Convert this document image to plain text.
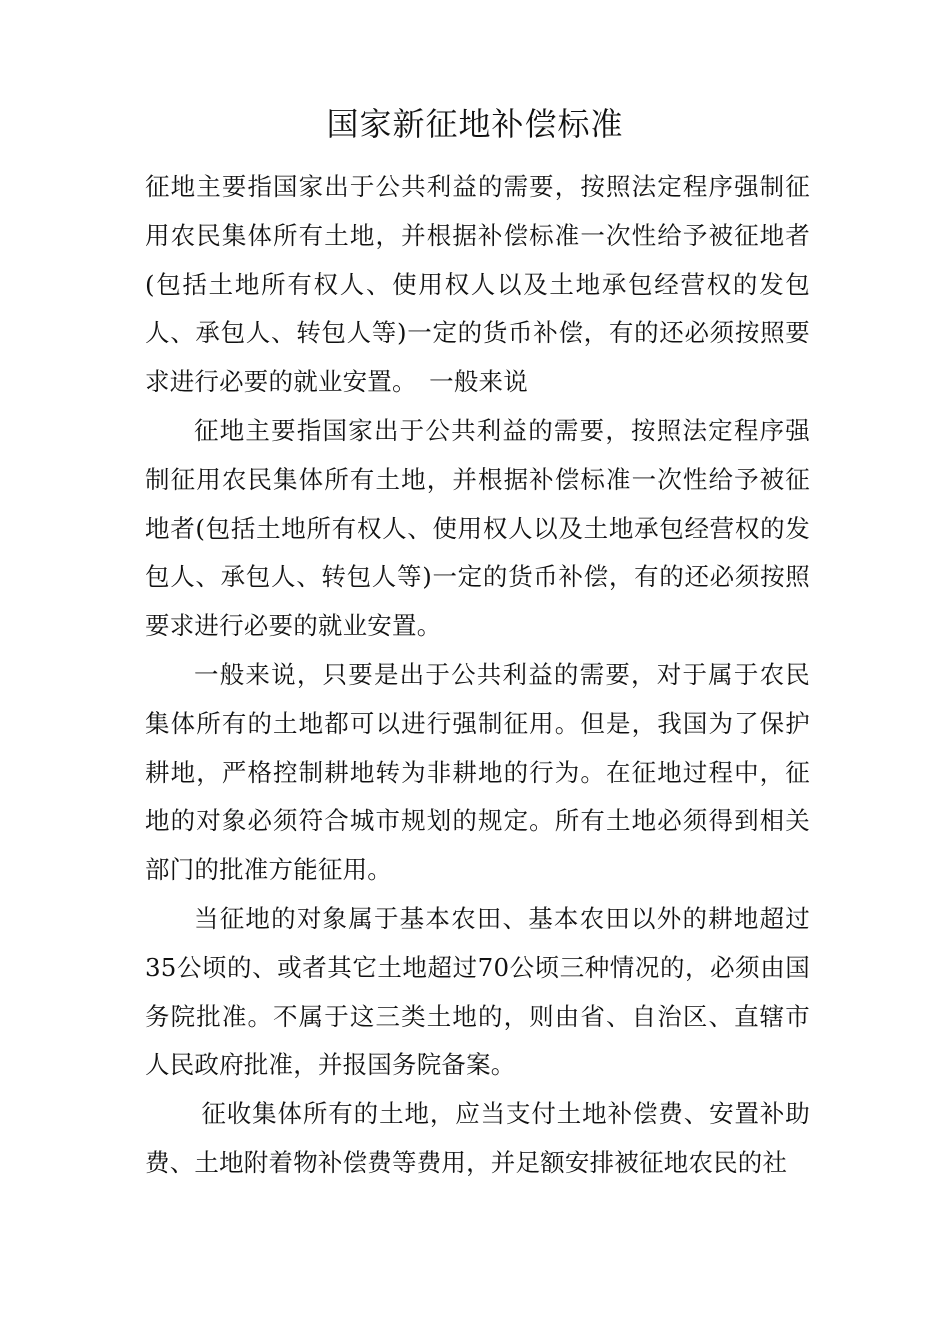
国家新征地补偿标准

征地主要指国家出于公共利益的需要，按照法定程序强制征用农民集体所有土地，并根据补偿标准一次性给予被征地者(包括土地所有权人、使用权人以及土地承包经营权的发包人、承包人、转包人等)一定的货币补偿，有的还必须按照要求进行必要的就业安置。　一般来说

征地主要指国家出于公共利益的需要，按照法定程序强制征用农民集体所有土地，并根据补偿标准一次性给予被征地者(包括土地所有权人、使用权人以及土地承包经营权的发包人、承包人、转包人等)一定的货币补偿，有的还必须按照要求进行必要的就业安置。

一般来说，只要是出于公共利益的需要，对于属于农民集体所有的土地都可以进行强制征用。但是，我国为了保护耕地，严格控制耕地转为非耕地的行为。在征地过程中，征地的对象必须符合城市规划的规定。所有土地必须得到相关部门的批准方能征用。

当征地的对象属于基本农田、基本农田以外的耕地超过35公顷的、或者其它土地超过70公顷三种情况的，必须由国务院批准。不属于这三类土地的，则由省、自治区、直辖市人民政府批准，并报国务院备案。

征收集体所有的土地，应当支付土地补偿费、安置补助费、土地附着物补偿费等费用，并足额安排被征地农民的社
